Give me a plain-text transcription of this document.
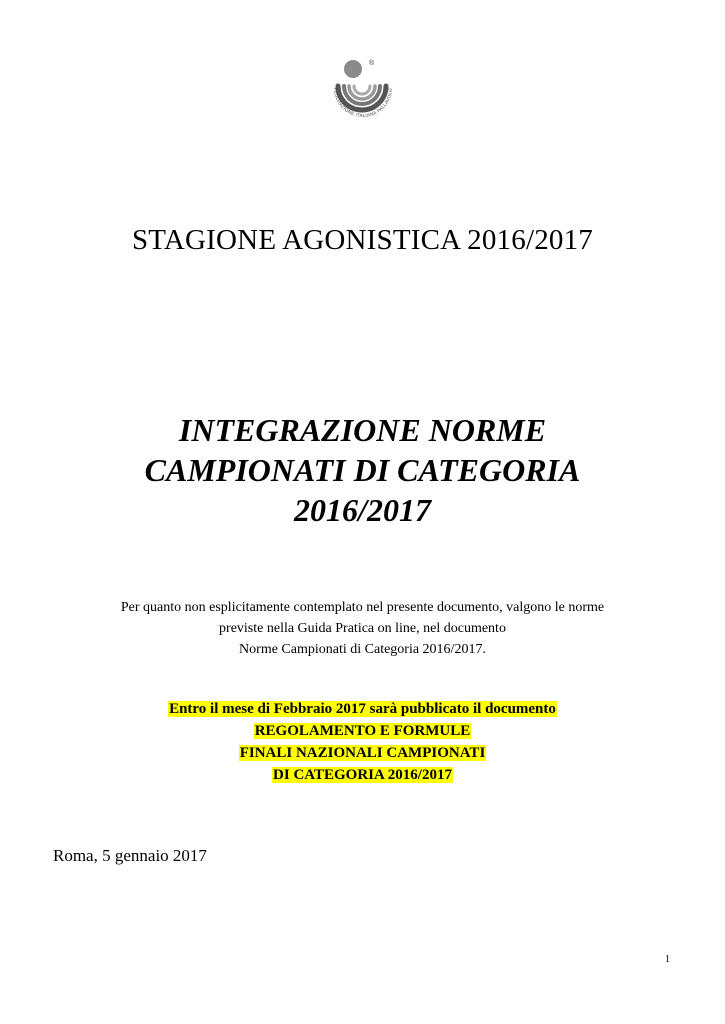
®
FEDERAZIONE ITALIANA PALLAVOLO
STAGIONE AGONISTICA 2016/2017
INTEGRAZIONE NORME
CAMPIONATI DI CATEGORIA
2016/2017
Per quanto non esplicitamente contemplato nel presente documento, valgono le norme
previste nella Guida Pratica on line, nel documento
Norme Campionati di Categoria 2016/2017.
Entro il mese di Febbraio 2017 sarà pubblicato il documento
REGOLAMENTO E FORMULE
FINALI NAZIONALI CAMPIONATI
DI CATEGORIA 2016/2017
Roma, 5 gennaio 2017
1
